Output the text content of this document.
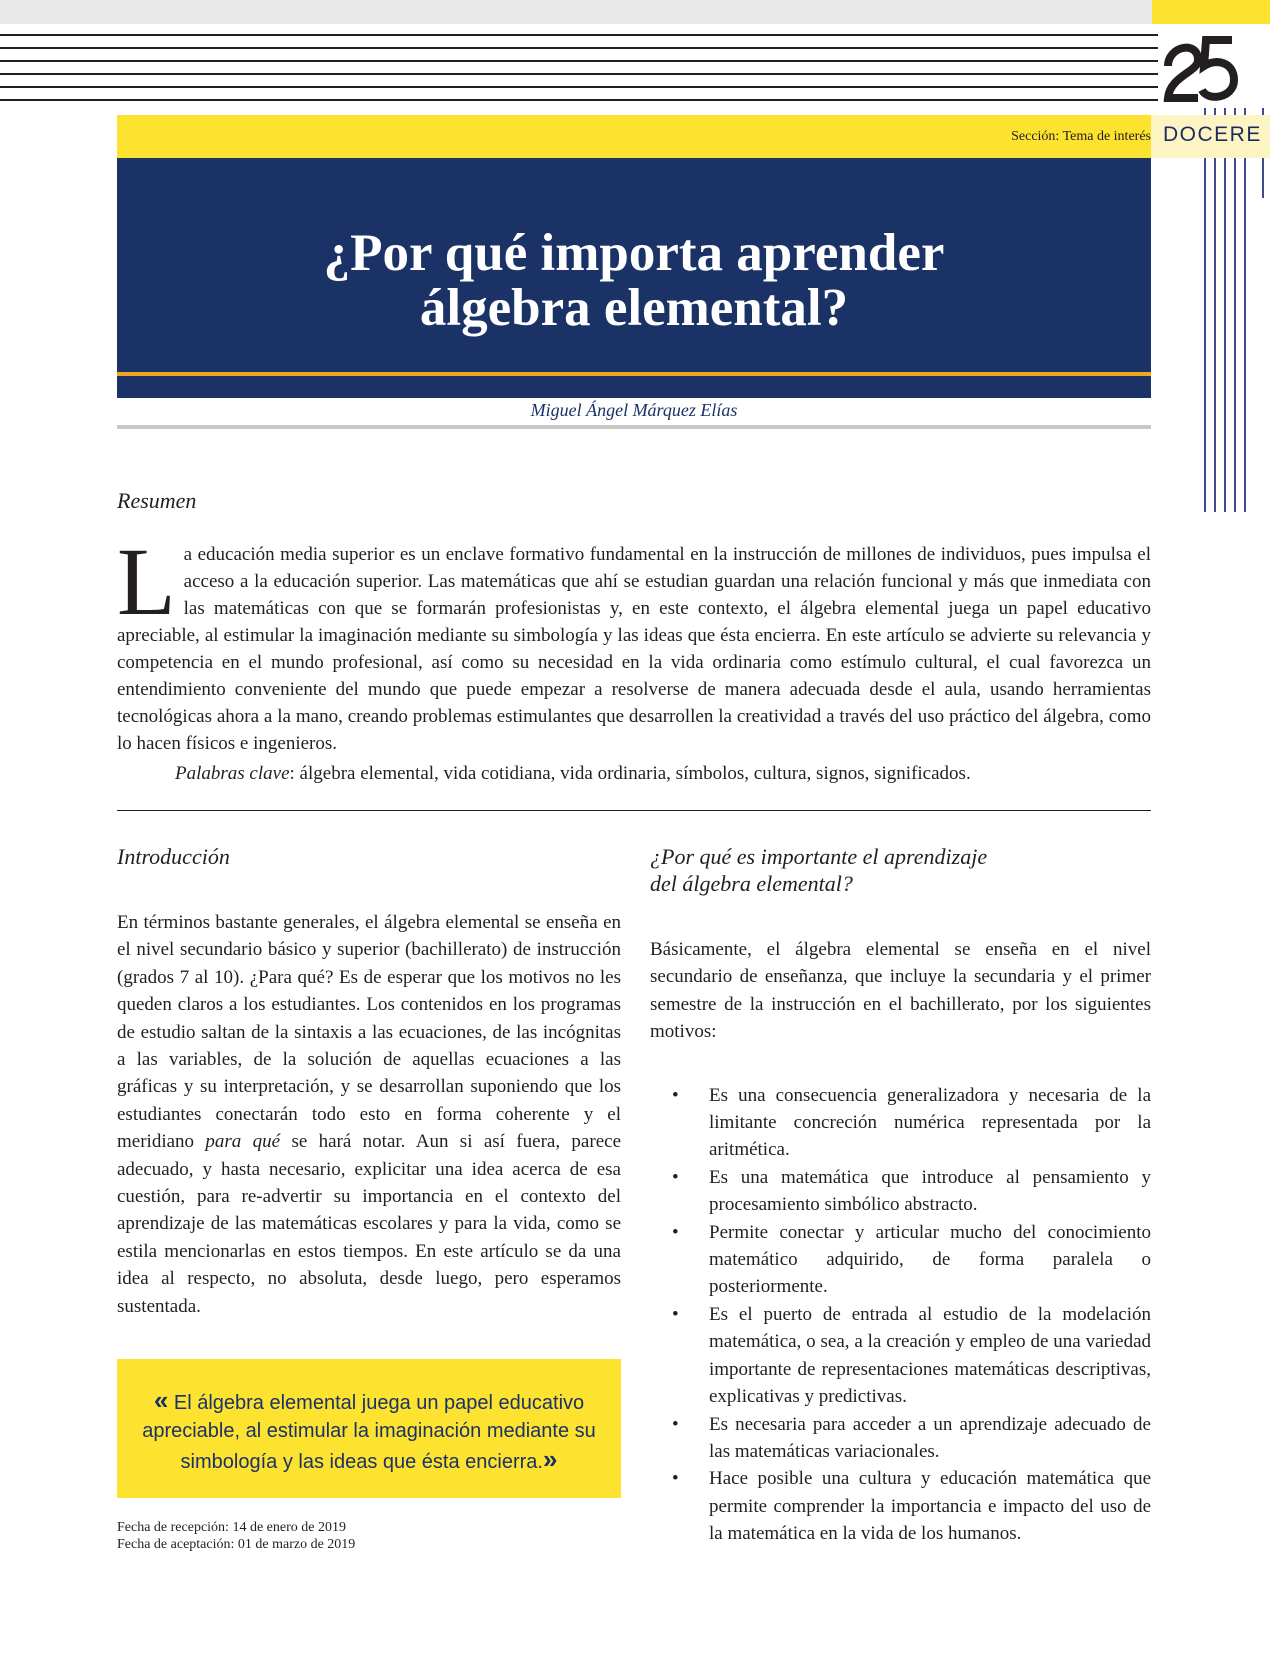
Sección: Tema de interés DOCERE
¿Por qué importa aprender
álgebra elemental?
Miguel Ángel Márquez Elías
Resumen
L a educación media superior es un enclave formativo fundamental en la instrucción de millones de individuos, pues impulsa el acceso a la educación superior. Las matemáticas que ahí se estudian guardan una relación funcional y más que inmediata con las matemáticas con que se formarán profesionistas y, en este contexto, el álgebra elemental juega un papel educativo apreciable, al estimular la imaginación mediante su simbología y las ideas que ésta encierra. En este artículo se advierte su relevancia y competencia en el mundo profesional, así como su necesidad en la vida ordinaria como estímulo cultural, el cual favorezca un entendimiento conveniente del mundo que puede empezar a resolverse de manera adecuada desde el aula, usando herramientas tecnológicas ahora a la mano, creando problemas estimulantes que desarrollen la creatividad a través del uso práctico del álgebra, como lo hacen físicos e ingenieros.
Palabras clave: álgebra elemental, vida cotidiana, vida ordinaria, símbolos, cultura, signos, significados.
Introducción

En términos bastante generales, el álgebra elemental se enseña en el nivel secundario básico y superior (bachillerato) de instrucción (grados 7 al 10). ¿Para qué? Es de esperar que los motivos no les queden claros a los estudiantes. Los contenidos en los programas de estudio saltan de la sintaxis a las ecuaciones, de las incógnitas a las variables, de la solución de aquellas ecuaciones a las gráficas y su interpretación, y se desarrollan suponiendo que los estudiantes conectarán todo esto en forma coherente y el meridiano para qué se hará notar. Aun si así fuera, parece adecuado, y hasta necesario, explicitar una idea acerca de esa cuestión, para re-advertir su importancia en el contexto del aprendizaje de las matemáticas escolares y para la vida, como se estila mencionarlas en estos tiempos. En este artículo se da una idea al respecto, no absoluta, desde luego, pero esperamos sustentada.

« El álgebra elemental juega un papel educativo apreciable, al estimular la imaginación mediante su simbología y las ideas que ésta encierra.»
Fecha de recepción: 14 de enero de 2019
Fecha de aceptación: 01 de marzo de 2019
¿Por qué es importante el aprendizaje
del álgebra elemental?

Básicamente, el álgebra elemental se enseña en el nivel secundario de enseñanza, que incluye la secundaria y el primer semestre de la instrucción en el bachillerato, por los siguientes motivos:

• Es una consecuencia generalizadora y necesaria de la limitante concreción numérica representada por la aritmética.
• Es una matemática que introduce al pensamiento y procesamiento simbólico abstracto.
• Permite conectar y articular mucho del conocimiento matemático adquirido, de forma paralela o posteriormente.
• Es el puerto de entrada al estudio de la modelación matemática, o sea, a la creación y empleo de una variedad importante de representaciones matemáticas descriptivas, explicativas y predictivas.
• Es necesaria para acceder a un aprendizaje adecuado de las matemáticas variacionales.
• Hace posible una cultura y educación matemática que permite comprender la importancia e impacto del uso de la matemática en la vida de los humanos.
